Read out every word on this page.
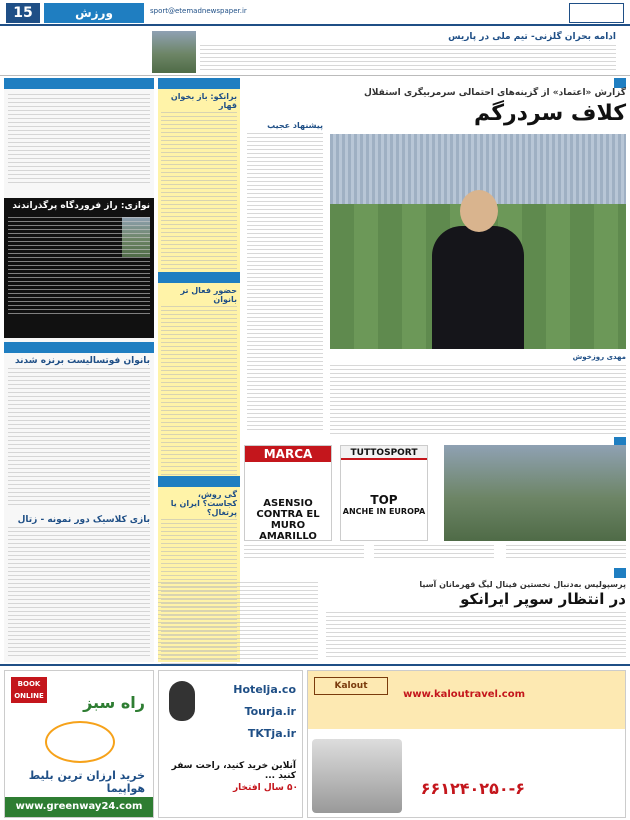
15	ورزش	sport@etemadnewspaper.ir
ادامه بحران گلزنی- تیم ملی در پاریس
نوازی: راز فروردگاه پرگذراندند
بانوان فوتسالیست برنزه شدند
بازی کلاسیک دور نمونه - زتال
برانکو: باز بخوان قهار
حضور فعال تر بانوان
گی روش، کجاست؟ ایران یا پرتغال؟
پیشنهاد عجیب
گزارش «اعتماد» از گزینه‌های احتمالی سرمربیگری استقلال
کلاف سردرگم
مهدی روزخوش
TUTTOSPORT
TOP
ANCHE IN EUROPA
MARCA
ASENSIO CONTRA EL MURO AMARILLO
پرسپولیس به‌دنبال نخستین فینال لیگ قهرمانان آسیا
در انتظار سوپر ایرانکو
BOOK ONLINE راه سبز
خرید ارزان ترین بلیط هواپیما
www.greenway24.com
Hotelja.co
Tourja.ir
TKTja.ir
آنلاین خرید کنید، راحت سفر کنید ...
۵۰ سال افتخار
Kalout
www.kaloutravel.com
۶۶۱۲۴۰۲۵۰-۶
